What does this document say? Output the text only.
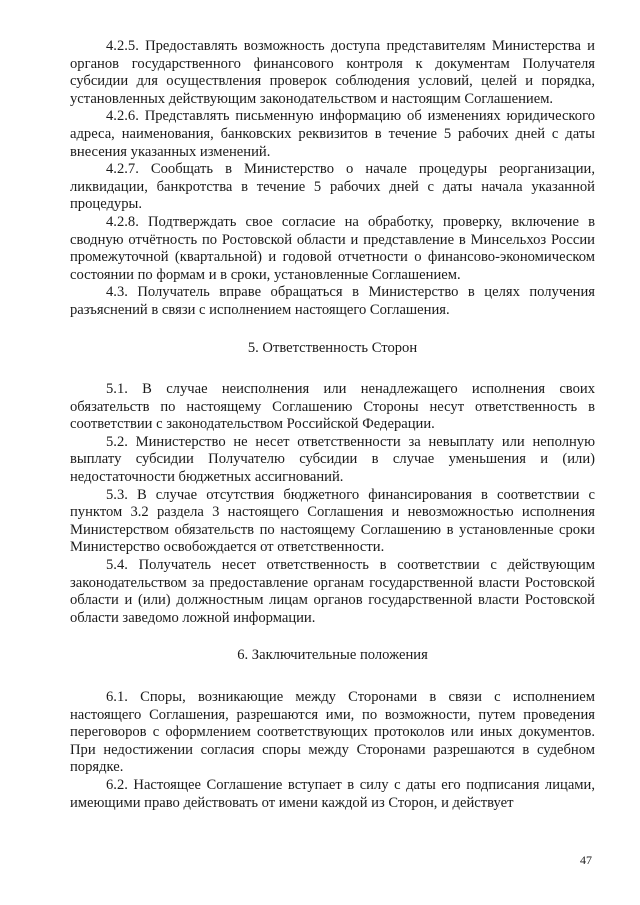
4.2.5. Предоставлять возможность доступа представителям Министерства и органов государственного финансового контроля к документам Получателя субсидии для осуществления проверок соблюдения условий, целей и порядка, установленных действующим законодательством и настоящим Соглашением.

4.2.6. Представлять письменную информацию об изменениях юридического адреса, наименования, банковских реквизитов в течение 5 рабочих дней с даты внесения указанных изменений.

4.2.7. Сообщать в Министерство о начале процедуры реорганизации, ликвидации, банкротства в течение 5 рабочих дней с даты начала указанной процедуры.

4.2.8. Подтверждать свое согласие на обработку, проверку, включение в сводную отчётность по Ростовской области и представление в Минсельхоз России промежуточной (квартальной) и годовой отчетности о финансово-экономическом состоянии по формам и в сроки, установленные Соглашением.

4.3. Получатель вправе обращаться в Министерство в целях получения разъяснений в связи с исполнением настоящего Соглашения.

5. Ответственность Сторон

5.1. В случае неисполнения или ненадлежащего исполнения своих обязательств по настоящему Соглашению Стороны несут ответственность в соответствии с законодательством Российской Федерации.

5.2. Министерство не несет ответственности за невыплату или неполную выплату субсидии Получателю субсидии в случае уменьшения и (или) недостаточности бюджетных ассигнований.

5.3. В случае отсутствия бюджетного финансирования в соответствии с пунктом 3.2 раздела 3 настоящего Соглашения и невозможностью исполнения Министерством обязательств по настоящему Соглашению в установленные сроки Министерство освобождается от ответственности.

5.4. Получатель несет ответственность в соответствии с действующим законодательством за предоставление органам государственной власти Ростовской области и (или) должностным лицам органов государственной власти Ростовской области заведомо ложной информации.

6. Заключительные положения

6.1. Споры, возникающие между Сторонами в связи с исполнением настоящего Соглашения, разрешаются ими, по возможности, путем проведения переговоров с оформлением соответствующих протоколов или иных документов. При недостижении согласия споры между Сторонами разрешаются в судебном порядке.

6.2. Настоящее Соглашение вступает в силу с даты его подписания лицами, имеющими право действовать от имени каждой из Сторон, и действует

47
